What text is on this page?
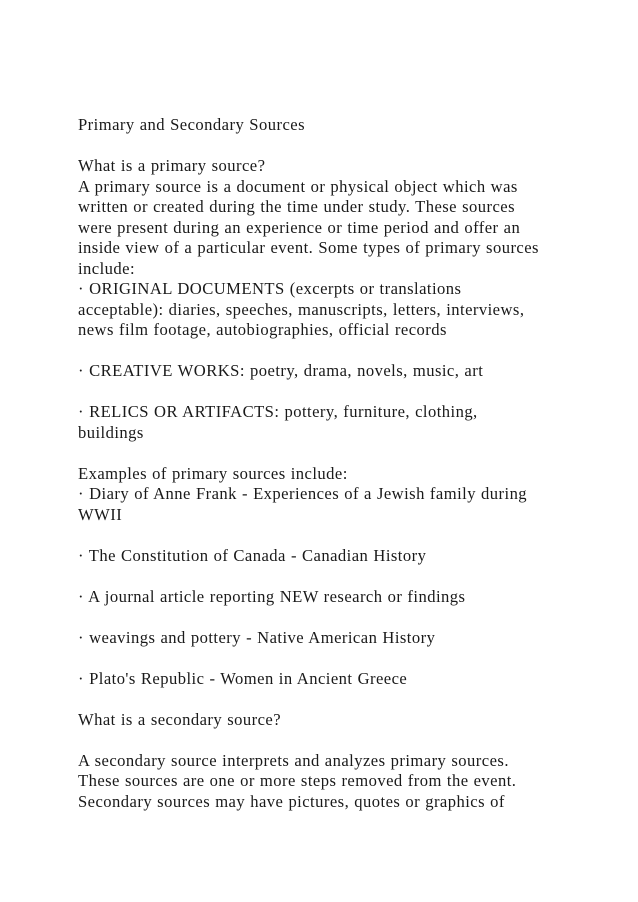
Primary and Secondary Sources
What is a primary source?
A primary source is a document or physical object which was
written or created during the time under study. These sources
were present during an experience or time period and offer an
inside view of a particular event. Some types of primary sources
include:
· ORIGINAL DOCUMENTS (excerpts or translations
acceptable): diaries, speeches, manuscripts, letters, interviews,
news film footage, autobiographies, official records
· CREATIVE WORKS: poetry, drama, novels, music, art
· RELICS OR ARTIFACTS: pottery, furniture, clothing,
buildings
Examples of primary sources include:
· Diary of Anne Frank - Experiences of a Jewish family during
WWII
· The Constitution of Canada - Canadian History
· A journal article reporting NEW research or findings
· weavings and pottery - Native American History
· Plato's Republic - Women in Ancient Greece
What is a secondary source?
A secondary source interprets and analyzes primary sources.
These sources are one or more steps removed from the event.
Secondary sources may have pictures, quotes or graphics of
